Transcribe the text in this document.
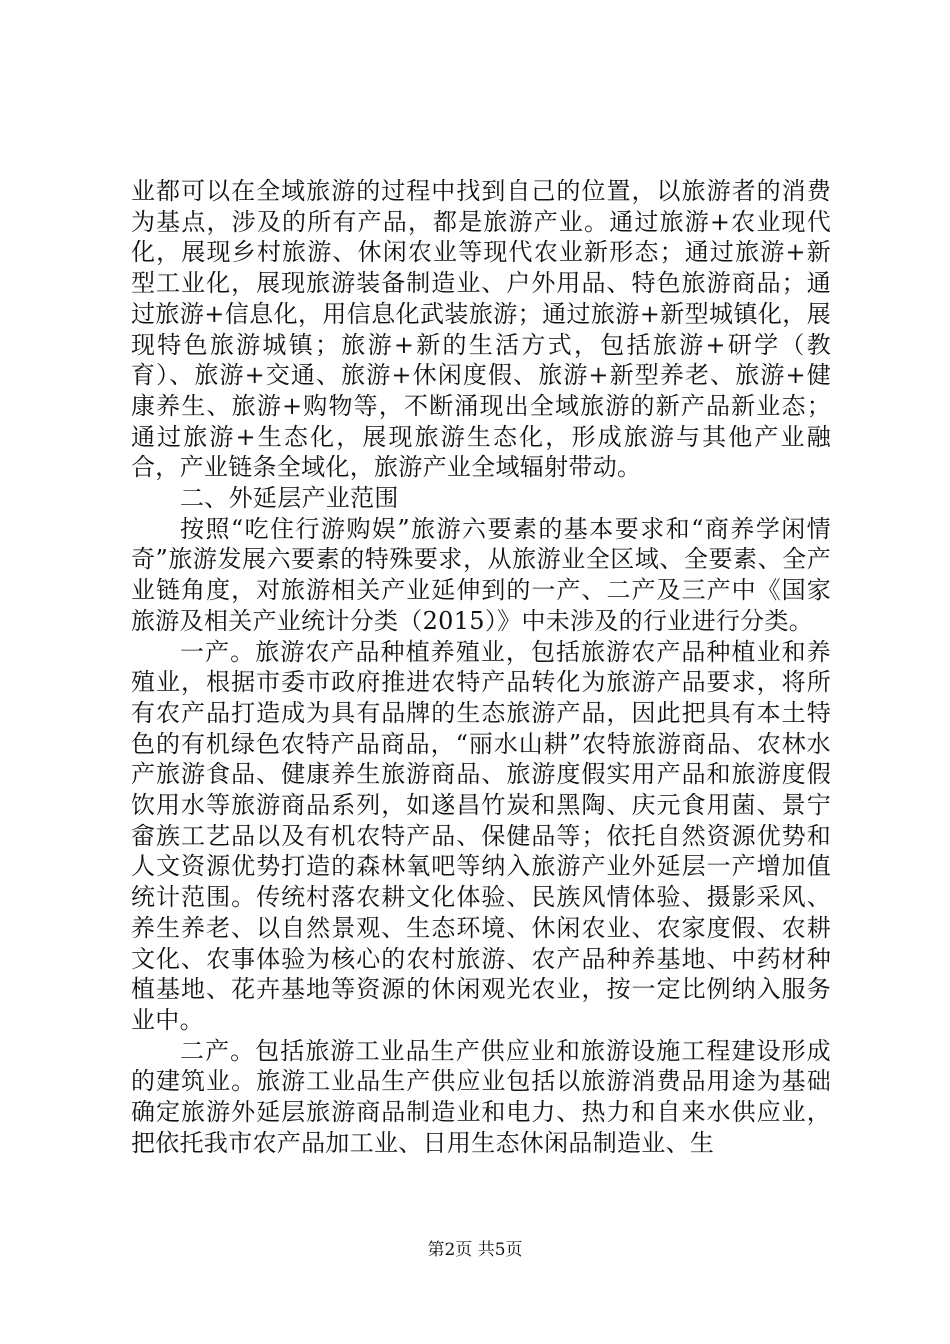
业都可以在全域旅游的过程中找到自己的位置，以旅游者的消费为基点，涉及的所有产品，都是旅游产业。通过旅游+农业现代化，展现乡村旅游、休闲农业等现代农业新形态；通过旅游+新型工业化，展现旅游装备制造业、户外用品、特色旅游商品；通过旅游+信息化，用信息化武装旅游；通过旅游+新型城镇化，展现特色旅游城镇；旅游+新的生活方式，包括旅游+研学（教育）、旅游+交通、旅游+休闲度假、旅游+新型养老、旅游+健康养生、旅游+购物等，不断涌现出全域旅游的新产品新业态；通过旅游+生态化，展现旅游生态化，形成旅游与其他产业融合，产业链条全域化，旅游产业全域辐射带动。

二、外延层产业范围

按照“吃住行游购娱”旅游六要素的基本要求和“商养学闲情奇”旅游发展六要素的特殊要求，从旅游业全区域、全要素、全产业链角度，对旅游相关产业延伸到的一产、二产及三产中《国家旅游及相关产业统计分类（2015）》中未涉及的行业进行分类。

一产。旅游农产品种植养殖业，包括旅游农产品种植业和养殖业，根据市委市政府推进农特产品转化为旅游产品要求，将所有农产品打造成为具有品牌的生态旅游产品，因此把具有本土特色的有机绿色农特产品商品，“丽水山耕”农特旅游商品、农林水产旅游食品、健康养生旅游商品、旅游度假实用产品和旅游度假饮用水等旅游商品系列，如遂昌竹炭和黑陶、庆元食用菌、景宁畲族工艺品以及有机农特产品、保健品等；依托自然资源优势和人文资源优势打造的森林氧吧等纳入旅游产业外延层一产增加值统计范围。传统村落农耕文化体验、民族风情体验、摄影采风、养生养老、以自然景观、生态环境、休闲农业、农家度假、农耕文化、农事体验为核心的农村旅游、农产品种养基地、中药材种植基地、花卉基地等资源的休闲观光农业，按一定比例纳入服务业中。

二产。包括旅游工业品生产供应业和旅游设施工程建设形成的建筑业。旅游工业品生产供应业包括以旅游消费品用途为基础确定旅游外延层旅游商品制造业和电力、热力和自来水供应业，把依托我市农产品加工业、日用生态休闲品制造业、生

第2页 共5页
